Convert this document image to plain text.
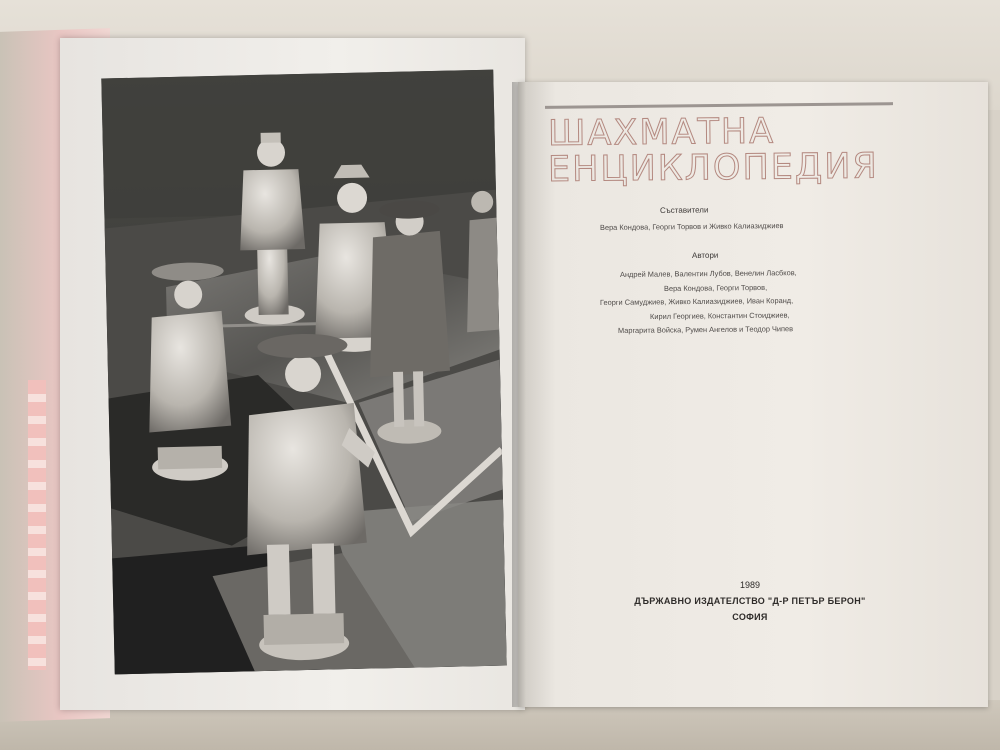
ШАХМАТНА
ЕНЦИКЛОПЕДИЯ
Съставители
Вера Кондова, Георги Торвов и Живко Калиазиджиев
Автори
Андрей Малев, Валентин Лубов, Венелин Ласбков,
Вера Кондова, Георги Торвов,
Георги Самуджиев, Живко Калиазиджиев, Иван Коранд,
Кирил Георгиев, Константин Стоиджиев,
Маргарита Войска, Румен Ангелов и Теодор Чипев
1989
ДЪРЖАВНО ИЗДАТЕЛСТВО "Д-Р ПЕТЪР БЕРОН"
СОФИЯ
